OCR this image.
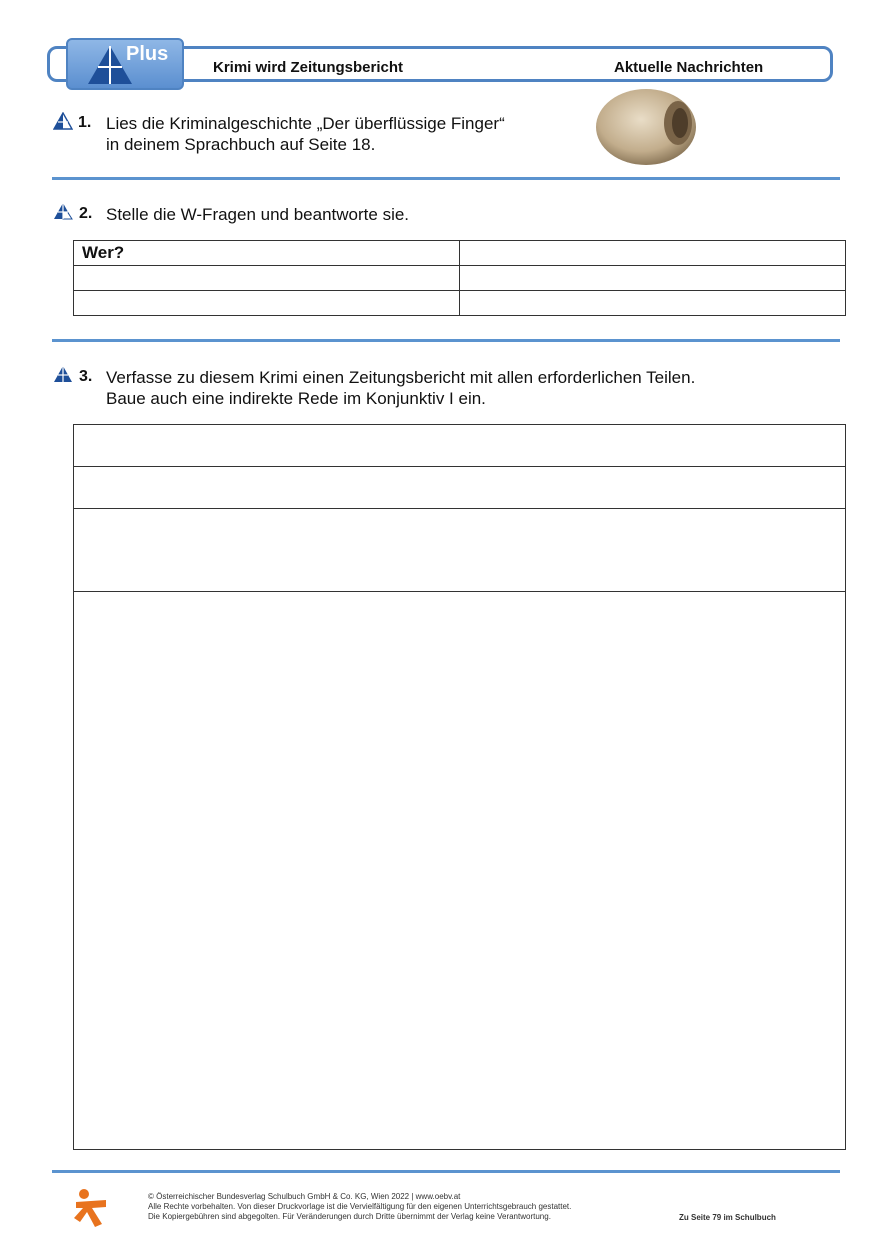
Plus
Krimi wird Zeitungsbericht	Aktuelle Nachrichten
1. Lies die Kriminalgeschichte „Der überflüssige Finger“
in deinem Sprachbuch auf Seite 18.
2. Stelle die W-Fragen und beantworte sie.
Wer?	

3. Verfasse zu diesem Krimi einen Zeitungsbericht mit allen erforderlichen Teilen.
Baue auch eine indirekte Rede im Konjunktiv I ein.
© Österreichischer Bundesverlag Schulbuch GmbH & Co. KG, Wien 2022 | www.oebv.at
Alle Rechte vorbehalten. Von dieser Druckvorlage ist die Vervielfältigung für den eigenen Unterrichtsgebrauch gestattet.
Die Kopiergebühren sind abgegolten. Für Veränderungen durch Dritte übernimmt der Verlag keine Verantwortung.	Zu Seite 79 im Schulbuch
